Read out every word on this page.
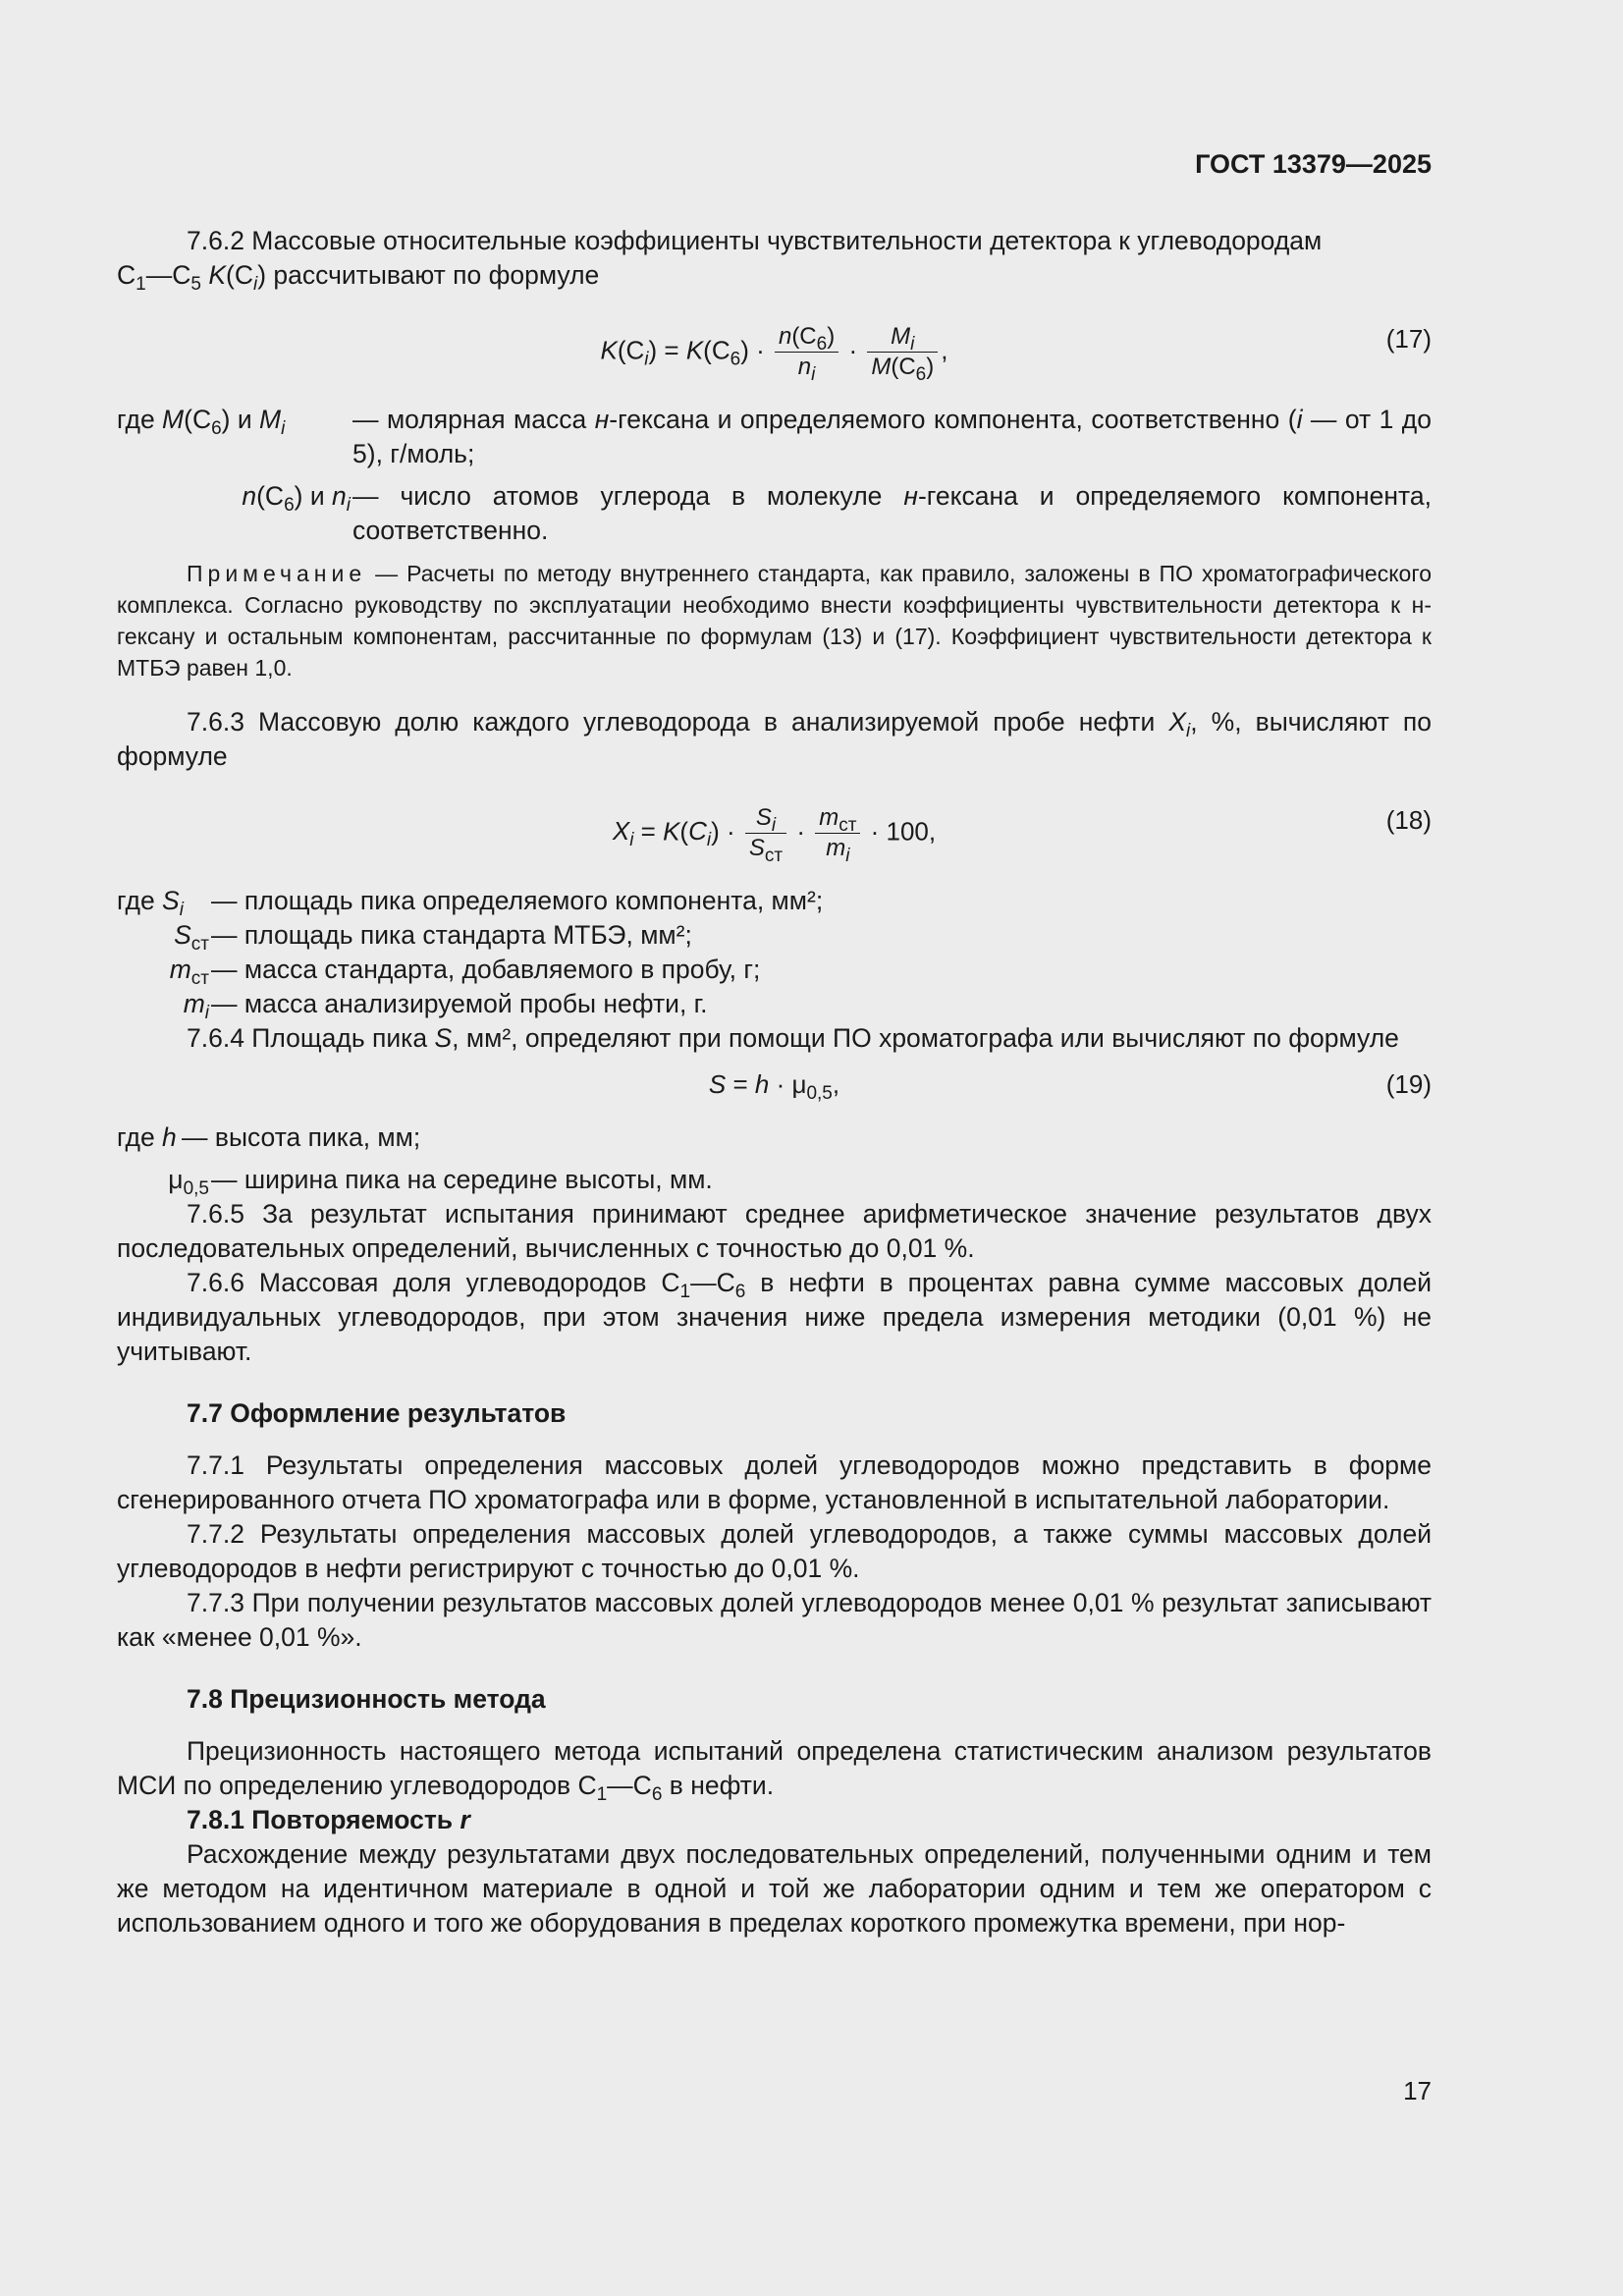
ГОСТ 13379—2025

7.6.2 Массовые относительные коэффициенты чувствительности детектора к углеводородам

$C_1—C_5$ $K(C_i)$ рассчитывают по формуле

$K(C_i) = K(C_6) \cdot \frac{n(C_6)}{n_i} \cdot \frac{M_i}{M(C_6)}$ ,	(17)
где $M(C_6)$ и $M_i$	— молярная масса н-гексана и определяемого компонента, соответственно (i — от 1 до 5), г/моль;
$n(C_6)$ и $n_i$ — число атомов углерода в молекуле н-гексана и определяемого компонента, соответственно.
Примечание — Расчеты по методу внутреннего стандарта, как правило, заложены в ПО хроматографического комплекса. Согласно руководству по эксплуатации необходимо внести коэффициенты чувствительности детектора к н-гексану и остальным компонентам, рассчитанные по формулам (13) и (17). Коэффициент чувствительности детектора к МТБЭ равен 1,0.

7.6.3 Массовую долю каждого углеводорода в анализируемой пробе нефти $X_i$, %, вычисляют по формуле

$X_i = K(C_i) \cdot \frac{S_i}{S_{ст}} \cdot \frac{m_{ст}}{m_i} \cdot 100$,	(18)
где $S_i$	— площадь пика определяемого компонента, мм²;
$S_{ст}$ — площадь пика стандарта МТБЭ, мм²;
$m_{ст}$ — масса стандарта, добавляемого в пробу, г;
$m_i$ — масса анализируемой пробы нефти, г.

7.6.4 Площадь пика S, мм², определяют при помощи ПО хроматографа или вычисляют по формуле

$S = h \cdot \mu_{0,5}$,	(19)
где h — высота пика, мм;
$\mu_{0,5}$ — ширина пика на середине высоты, мм.

7.6.5 За результат испытания принимают среднее арифметическое значение результатов двух последовательных определений, вычисленных с точностью до 0,01 %.

7.6.6 Массовая доля углеводородов $C_1—C_6$ в нефти в процентах равна сумме массовых долей индивидуальных углеводородов, при этом значения ниже предела измерения методики (0,01 %) не учитывают.

7.7 Оформление результатов

7.7.1 Результаты определения массовых долей углеводородов можно представить в форме сгенерированного отчета ПО хроматографа или в форме, установленной в испытательной лаборатории.

7.7.2 Результаты определения массовых долей углеводородов, а также суммы массовых долей углеводородов в нефти регистрируют с точностью до 0,01 %.

7.7.3 При получении результатов массовых долей углеводородов менее 0,01 % результат записывают как «менее 0,01 %».

7.8 Прецизионность метода

Прецизионность настоящего метода испытаний определена статистическим анализом результатов МСИ по определению углеводородов $C_1—C_6$ в нефти.

7.8.1 Повторяемость r

Расхождение между результатами двух последовательных определений, полученными одним и тем же методом на идентичном материале в одной и той же лаборатории одним и тем же оператором с использованием одного и того же оборудования в пределах короткого промежутка времени, при нор-

17
